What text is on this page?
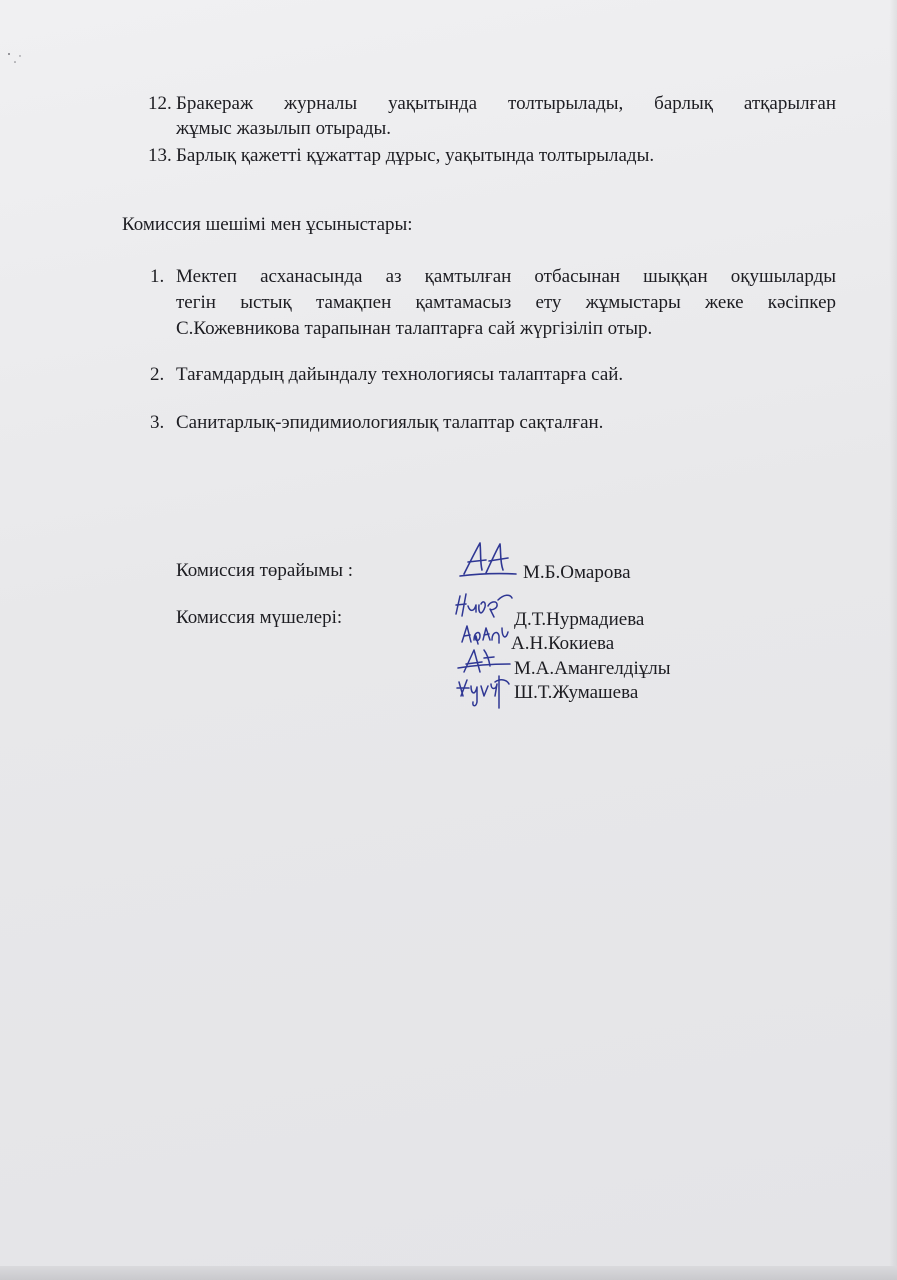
12. Бракераж журналы уақытында толтырылады, барлық атқарылған
жұмыс жазылып отырады.
13. Барлық қажетті құжаттар дұрыс, уақытында толтырылады.
Комиссия шешімі мен ұсыныстары:
1. Мектеп асханасында аз қамтылған отбасынан шыққан оқушыларды
тегін ыстық тамақпен қамтамасыз ету жұмыстары жеке кәсіпкер
С.Кожевникова тарапынан талаптарға сай жүргізіліп отыр.
2. Тағамдардың дайындалу технологиясы талаптарға сай.
3. Санитарлық-эпидимиологиялық талаптар сақталған.
Комиссия төрайымы :	М.Б.Омарова
Комиссия мүшелері:	Д.Т.Нурмадиева
А.Н.Кокиева
М.А.Амангелдіұлы
Ш.Т.Жумашева
